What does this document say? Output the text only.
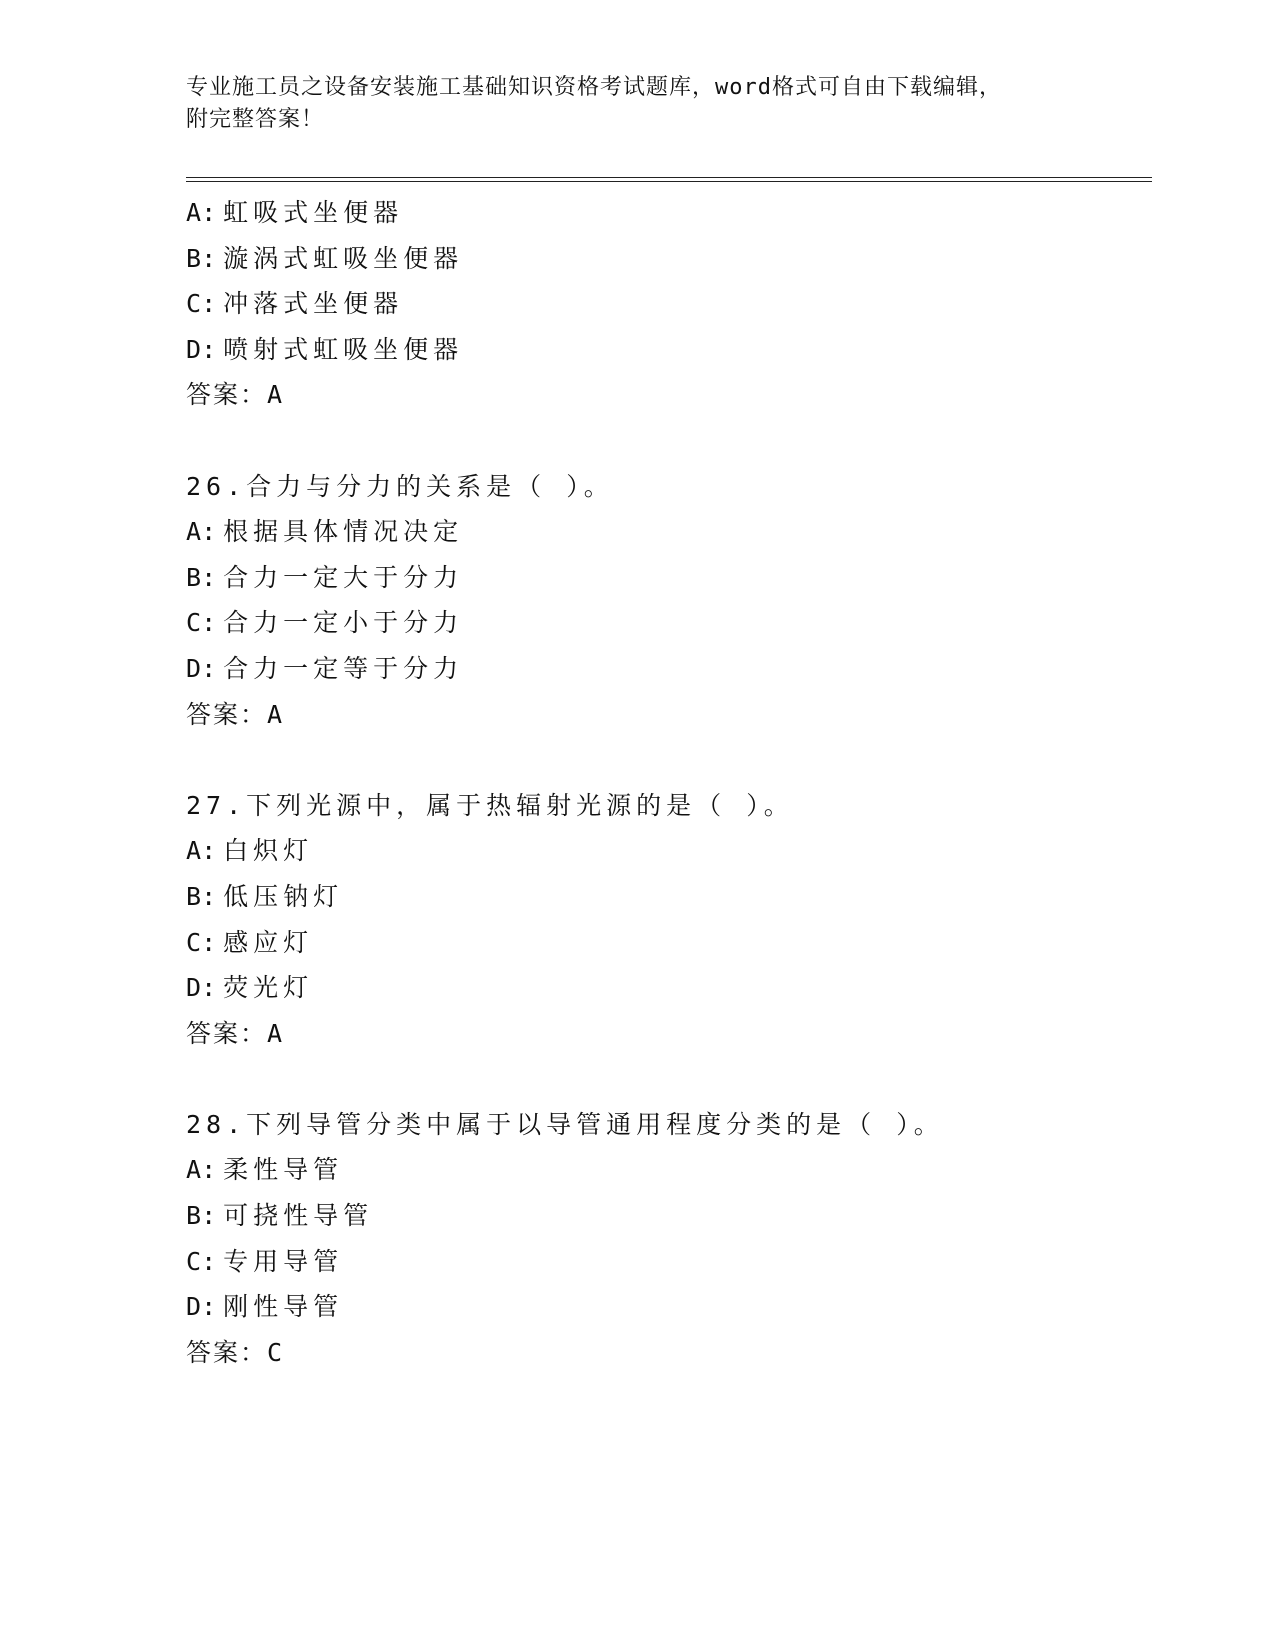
专业施工员之设备安装施工基础知识资格考试题库，word格式可自由下载编辑，
附完整答案！
A: 虹吸式坐便器
B: 漩涡式虹吸坐便器
C: 冲落式坐便器
D: 喷射式虹吸坐便器
答案：A
26.合力与分力的关系是（ ）。
A: 根据具体情况决定
B: 合力一定大于分力
C: 合力一定小于分力
D: 合力一定等于分力
答案：A
27.下列光源中，属于热辐射光源的是（ ）。
A: 白炽灯
B: 低压钠灯
C: 感应灯
D: 荧光灯
答案：A
28.下列导管分类中属于以导管通用程度分类的是（ ）。
A: 柔性导管
B: 可挠性导管
C: 专用导管
D: 刚性导管
答案：C
